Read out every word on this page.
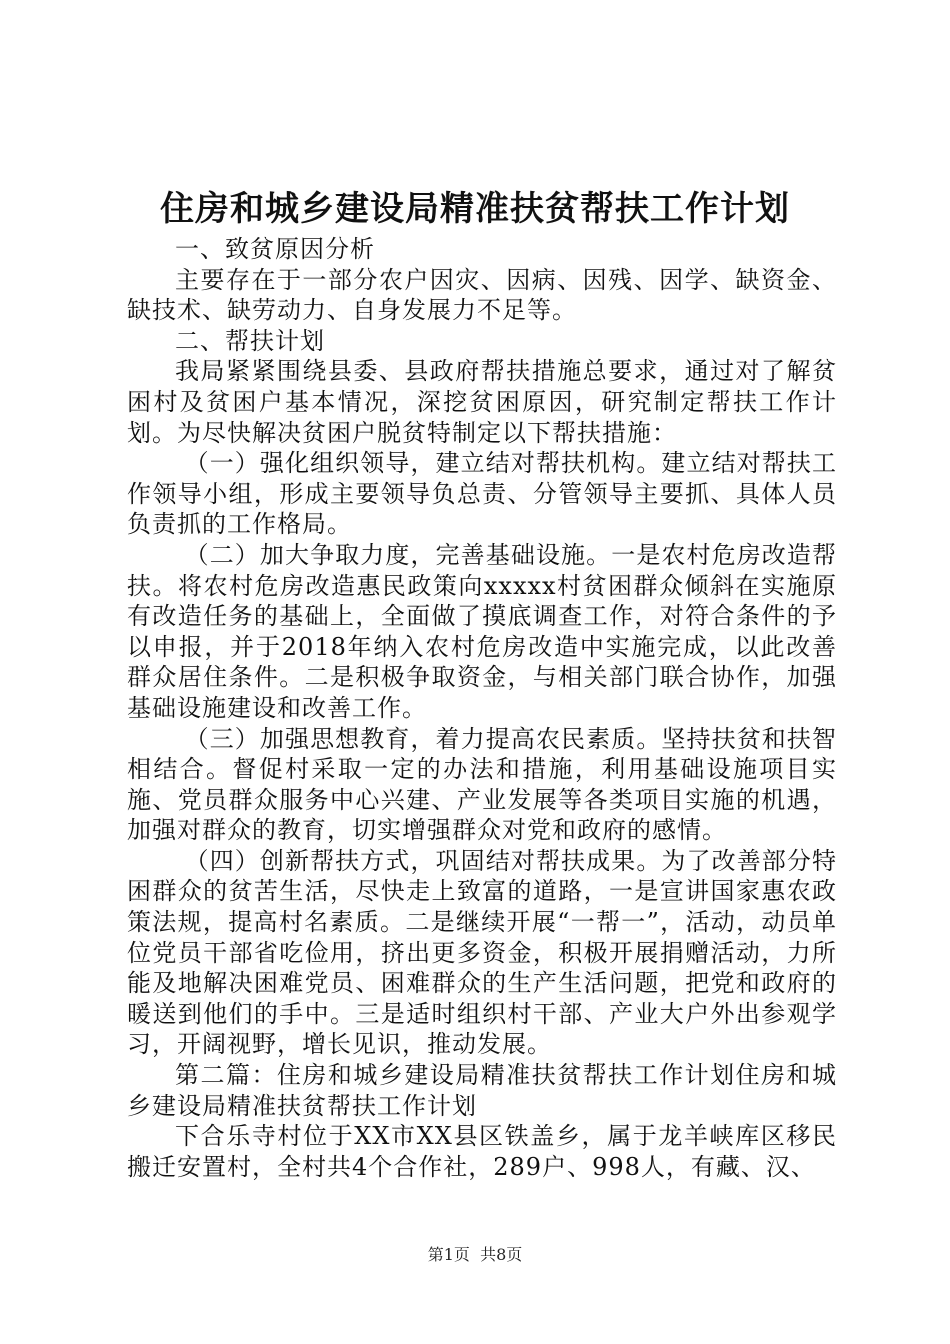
住房和城乡建设局精准扶贫帮扶工作计划

一、致贫原因分析

主要存在于一部分农户因灾、因病、因残、因学、缺资金、缺技术、缺劳动力、自身发展力不足等。

二、帮扶计划

我局紧紧围绕县委、县政府帮扶措施总要求，通过对了解贫困村及贫困户基本情况，深挖贫困原因，研究制定帮扶工作计划。为尽快解决贫困户脱贫特制定以下帮扶措施：

（一）强化组织领导，建立结对帮扶机构。建立结对帮扶工作领导小组，形成主要领导负总责、分管领导主要抓、具体人员负责抓的工作格局。

（二）加大争取力度，完善基础设施。一是农村危房改造帮扶。将农村危房改造惠民政策向xxxxx村贫困群众倾斜在实施原有改造任务的基础上，全面做了摸底调查工作，对符合条件的予以申报，并于2018年纳入农村危房改造中实施完成，以此改善群众居住条件。二是积极争取资金，与相关部门联合协作，加强基础设施建设和改善工作。

（三）加强思想教育，着力提高农民素质。坚持扶贫和扶智相结合。督促村采取一定的办法和措施，利用基础设施项目实施、党员群众服务中心兴建、产业发展等各类项目实施的机遇，加强对群众的教育，切实增强群众对党和政府的感情。

（四）创新帮扶方式，巩固结对帮扶成果。为了改善部分特困群众的贫苦生活，尽快走上致富的道路，一是宣讲国家惠农政策法规，提高村名素质。二是继续开展“一帮一”，活动，动员单位党员干部省吃俭用，挤出更多资金，积极开展捐赠活动，力所能及地解决困难党员、困难群众的生产生活问题，把党和政府的暖送到他们的手中。三是适时组织村干部、产业大户外出参观学习，开阔视野，增长见识，推动发展。

第二篇：住房和城乡建设局精准扶贫帮扶工作计划住房和城乡建设局精准扶贫帮扶工作计划

下合乐寺村位于XX市XX县区铁盖乡，属于龙羊峡库区移民搬迁安置村，全村共4个合作社，289户、998人，有藏、汉、

第1页  共8页
